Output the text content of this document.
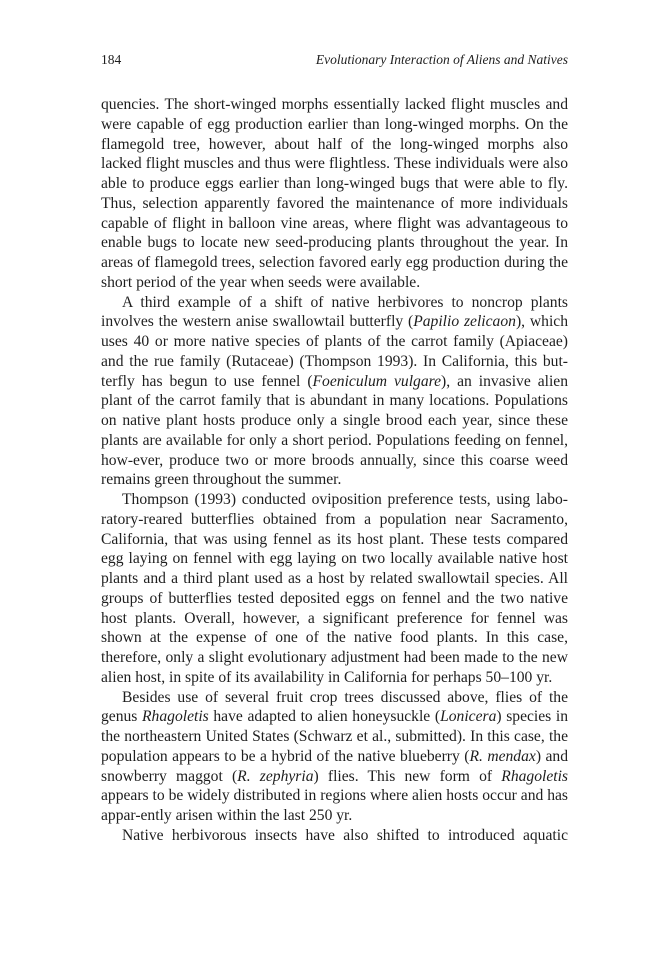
184	Evolutionary Interaction of Aliens and Natives

quencies. The short-winged morphs essentially lacked flight muscles and were capable of egg production earlier than long-winged morphs. On the flamegold tree, however, about half of the long-winged morphs also lacked flight muscles and thus were flightless. These individuals were also able to produce eggs earlier than long-winged bugs that were able to fly. Thus, selection apparently favored the maintenance of more individuals capable of flight in balloon vine areas, where flight was advantageous to enable bugs to locate new seed-producing plants throughout the year. In areas of flamegold trees, selection favored early egg production during the short period of the year when seeds were available.

A third example of a shift of native herbivores to noncrop plants involves the western anise swallowtail butterfly (Papilio zelicaon), which uses 40 or more native species of plants of the carrot family (Apiaceae) and the rue family (Rutaceae) (Thompson 1993). In California, this but-terfly has begun to use fennel (Foeniculum vulgare), an invasive alien plant of the carrot family that is abundant in many locations. Populations on native plant hosts produce only a single brood each year, since these plants are available for only a short period. Populations feeding on fennel, how-ever, produce two or more broods annually, since this coarse weed remains green throughout the summer.

Thompson (1993) conducted oviposition preference tests, using labo-ratory-reared butterflies obtained from a population near Sacramento, California, that was using fennel as its host plant. These tests compared egg laying on fennel with egg laying on two locally available native host plants and a third plant used as a host by related swallowtail species. All groups of butterflies tested deposited eggs on fennel and the two native host plants. Overall, however, a significant preference for fennel was shown at the expense of one of the native food plants. In this case, therefore, only a slight evolutionary adjustment had been made to the new alien host, in spite of its availability in California for perhaps 50–100 yr.

Besides use of several fruit crop trees discussed above, flies of the genus Rhagoletis have adapted to alien honeysuckle (Lonicera) species in the northeastern United States (Schwarz et al., submitted). In this case, the population appears to be a hybrid of the native blueberry (R. mendax) and snowberry maggot (R. zephyria) flies. This new form of Rhagoletis appears to be widely distributed in regions where alien hosts occur and has appar-ently arisen within the last 250 yr.

Native herbivorous insects have also shifted to introduced aquatic
